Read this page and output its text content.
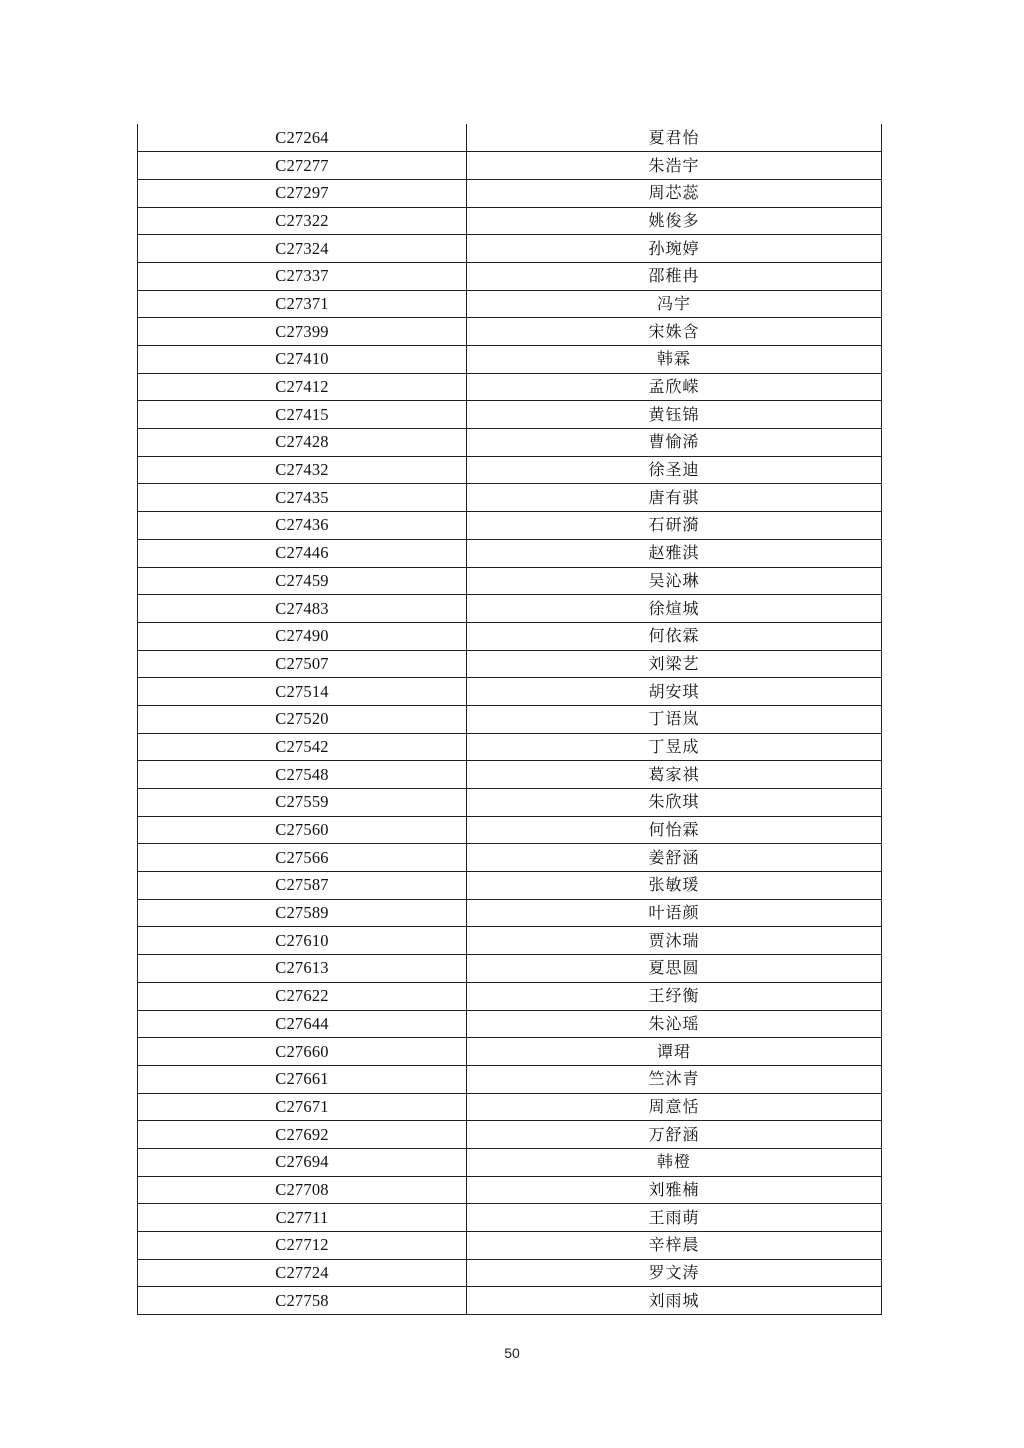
C27264	夏君怡
C27277	朱浩宇
C27297	周芯蕊
C27322	姚俊多
C27324	孙琬婷
C27337	邵稚冉
C27371	冯宇
C27399	宋姝含
C27410	韩霖
C27412	孟欣嵘
C27415	黄钰锦
C27428	曹愉浠
C27432	徐圣迪
C27435	唐有骐
C27436	石研漪
C27446	赵雅淇
C27459	吴沁琳
C27483	徐煊城
C27490	何依霖
C27507	刘梁艺
C27514	胡安琪
C27520	丁语岚
C27542	丁昱成
C27548	葛家祺
C27559	朱欣琪
C27560	何怡霖
C27566	姜舒涵
C27587	张敏瑗
C27589	叶语颜
C27610	贾沐瑞
C27613	夏思圆
C27622	王纾衡
C27644	朱沁瑶
C27660	谭珺
C27661	竺沐青
C27671	周意恬
C27692	万舒涵
C27694	韩橙
C27708	刘雅楠
C27711	王雨萌
C27712	辛梓晨
C27724	罗文涛
C27758	刘雨城
50
